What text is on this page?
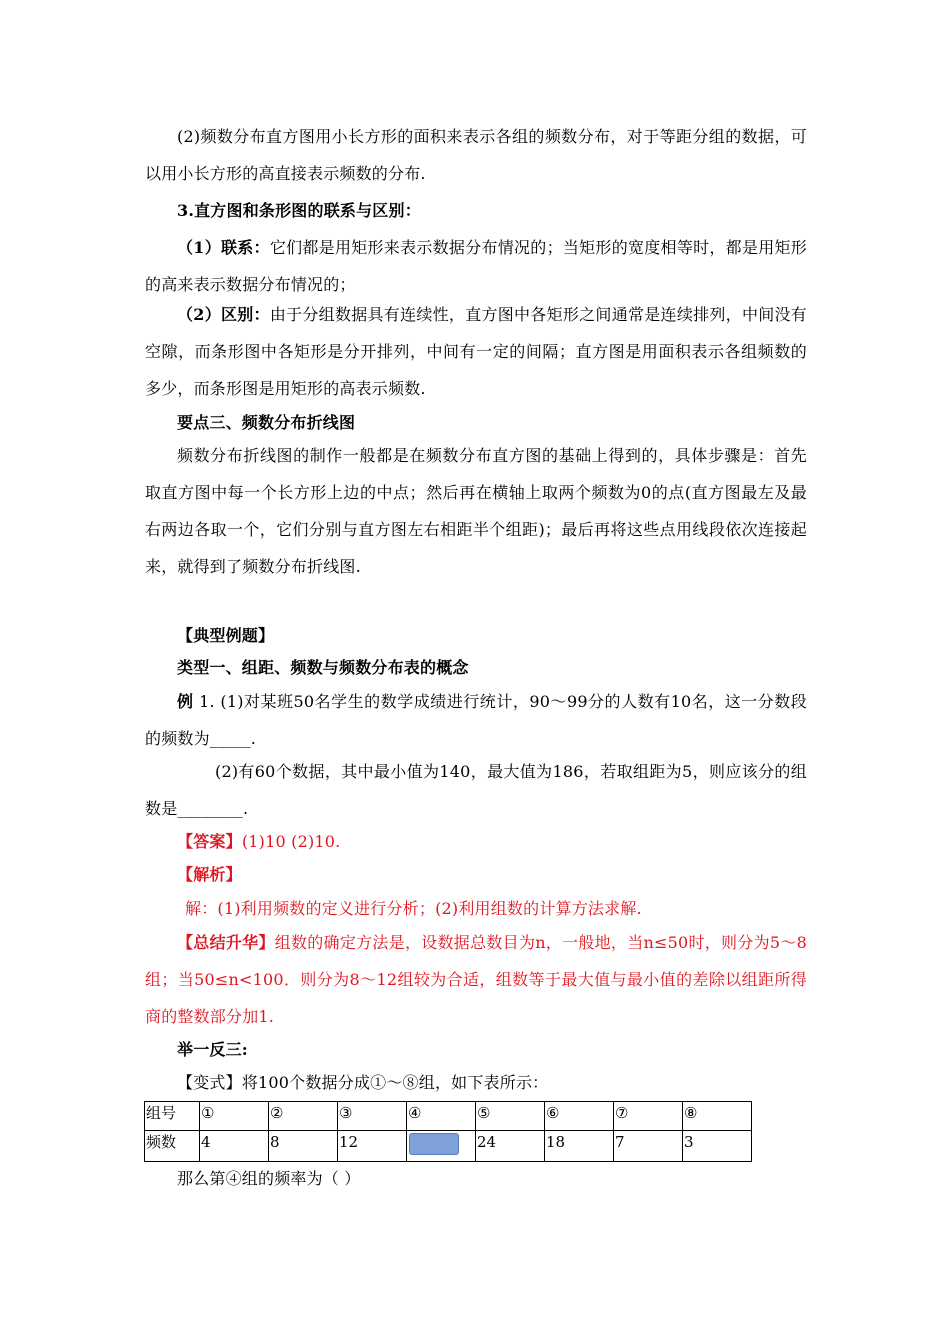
(2)频数分布直方图用小长方形的面积来表示各组的频数分布，对于等距分组的数据，可以用小长方形的高直接表示频数的分布.

3.直方图和条形图的联系与区别：

（1）联系：它们都是用矩形来表示数据分布情况的；当矩形的宽度相等时，都是用矩形的高来表示数据分布情况的；

（2）区别：由于分组数据具有连续性，直方图中各矩形之间通常是连续排列，中间没有空隙，而条形图中各矩形是分开排列，中间有一定的间隔；直方图是用面积表示各组频数的多少，而条形图是用矩形的高表示频数.

要点三、频数分布折线图

频数分布折线图的制作一般都是在频数分布直方图的基础上得到的，具体步骤是：首先取直方图中每一个长方形上边的中点；然后再在横轴上取两个频数为0的点(直方图最左及最右两边各取一个，它们分别与直方图左右相距半个组距)；最后再将这些点用线段依次连接起来，就得到了频数分布折线图.

【典型例题】

类型一、组距、频数与频数分布表的概念

例 1. (1)对某班50名学生的数学成绩进行统计，90～99分的人数有10名，这一分数段的频数为_____.

(2)有60个数据，其中最小值为140，最大值为186，若取组距为5，则应该分的组数是________.

【答案】(1)10 (2)10.

【解析】

解：(1)利用频数的定义进行分析；(2)利用组数的计算方法求解.

【总结升华】组数的确定方法是，设数据总数目为n，一般地，当n≤50时，则分为5～8组；当50≤n<100．则分为8～12组较为合适，组数等于最大值与最小值的差除以组距所得商的整数部分加1.

举一反三:

【变式】将100个数据分成①～⑧组，如下表所示：

组号	①	②	③	④	⑤	⑥	⑦	⑧
频数	4	8	12		24	18	7	3

那么第④组的频率为（ ）
